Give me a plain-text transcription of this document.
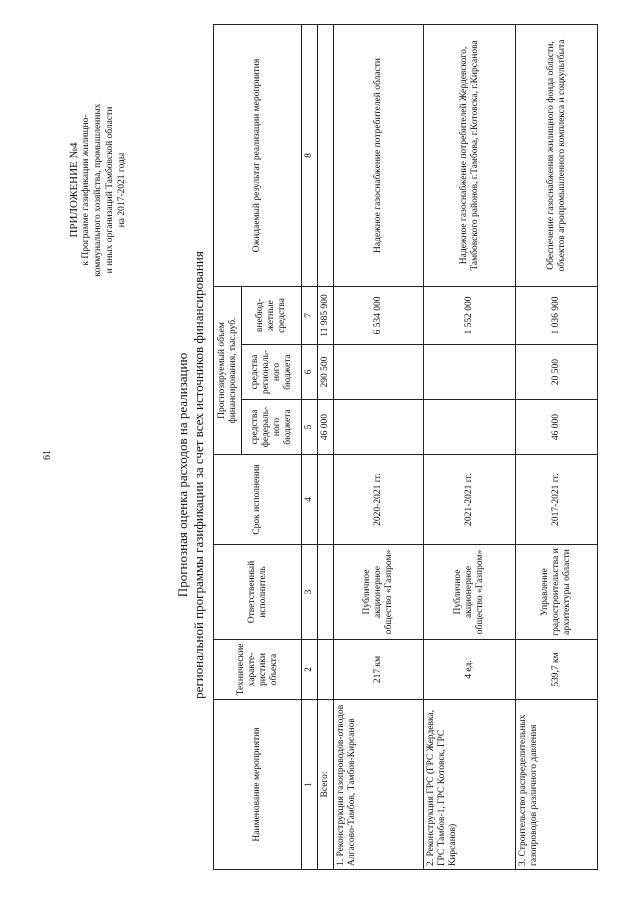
61
ПРИЛОЖЕНИЕ №4 к Программе газификации жилищно- коммунального хозяйства, промышленных и иных организаций Тамбовской области на 2017-2021 годы
Прогнозная оценка расходов на реализацию региональной программы газификации за счет всех источников финансирования
Наименование мероприятия	Технические характе-ристики объекта	Ответственный исполнитель	Срок исполнения	Прогнозируемый объем финансирования, тыс.руб.			Ожидаемый результат реализации мероприятия
				средства федераль-ного бюджета	средства региональ-ного бюджета	внебюд-жетные средства	
1	2	3	4	5	6	7	8
Всего:				46 000	290 500	11 985 900	
1. Реконструкция газопроводов-отводов Алгасово-Тамбов, Тамбов-Кирсанов	217 км	Публичное акционерное общество «Газпром»	2020-2021 гг.			6 534 000	Надежное газоснабжение потребителей области
2. Реконструкция ГРС (ГРС Жердевка, ГРС Тамбов-1, ГРС Котовск, ГРС Кирсанов)	4 ед.	Публичное акционерное общество «Газпром»	2021-2021 гг.			1 552 000	Надежное газоснабжение потребителей Жердевского, Тамбовского районов, г.Тамбова, г.Котовска, г.Кирсанова
3. Строительство распределительных газопроводов различного давления	539,7 км	Управление градостроительства и архитектуры области	2017-2021 гг.	46 000	20 500	1 036 900	Обеспечение газоснабжения жилищного фонда области, объектов агропромышленного комплекса и соцкультбыта
